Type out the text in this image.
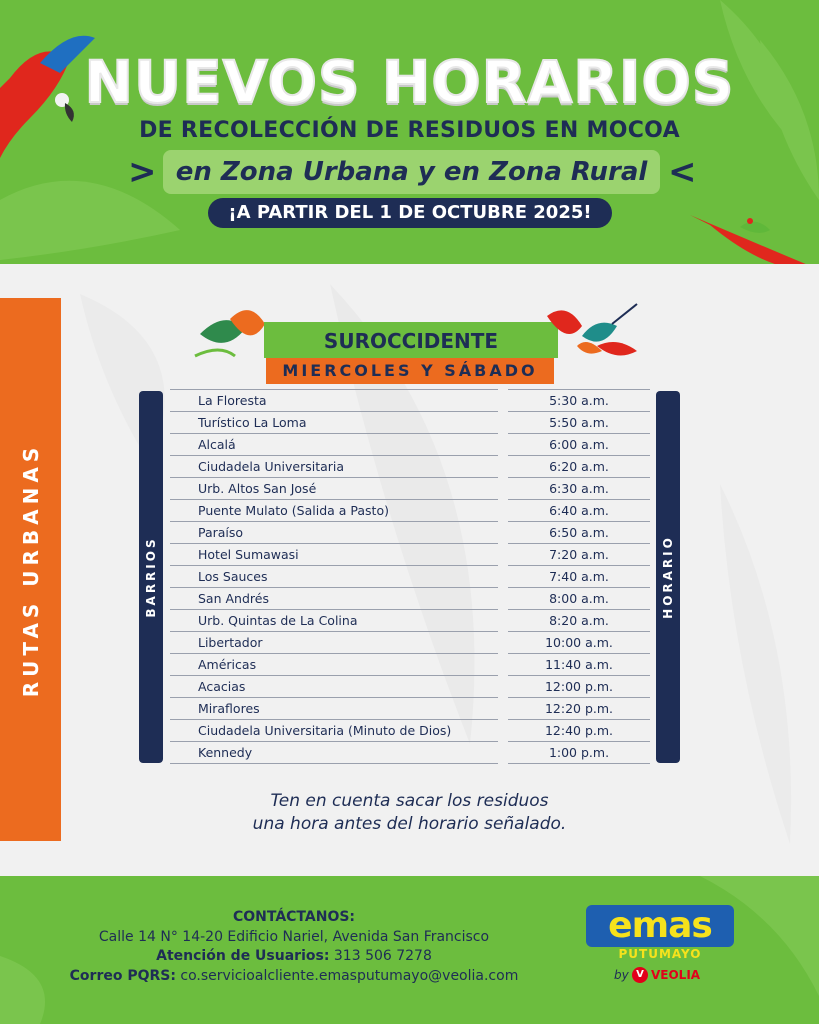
NUEVOS HORARIOS
DE RECOLECCIÓN DE RESIDUOS EN MOCOA
> en Zona Urbana y en Zona Rural <
¡A PARTIR DEL 1 DE OCTUBRE 2025!
RUTAS URBANAS
SUROCCIDENTE
MIERCOLES Y SÁBADO
BARRIOS	HORARIO
La Floresta	5:30 a.m.
Turístico La Loma	5:50 a.m.
Alcalá	6:00 a.m.
Ciudadela Universitaria	6:20 a.m.
Urb. Altos San José	6:30 a.m.
Puente Mulato (Salida a Pasto)	6:40 a.m.
Paraíso	6:50 a.m.
Hotel Sumawasi	7:20 a.m.
Los Sauces	7:40 a.m.
San Andrés	8:00 a.m.
Urb. Quintas de La Colina	8:20 a.m.
Libertador	10:00 a.m.
Américas	11:40 a.m.
Acacias	12:00 p.m.
Miraflores	12:20 p.m.
Ciudadela Universitaria (Minuto de Dios)	12:40 p.m.
Kennedy	1:00 p.m.
Ten en cuenta sacar los residuos
una hora antes del horario señalado.
CONTÁCTANOS:
Calle 14 N° 14-20 Edificio Nariel, Avenida San Francisco
Atención de Usuarios: 313 506 7278
Correo PQRS: co.servicioalcliente.emasputumayo@veolia.com
emas
PUTUMAYO
by V VEOLIA
